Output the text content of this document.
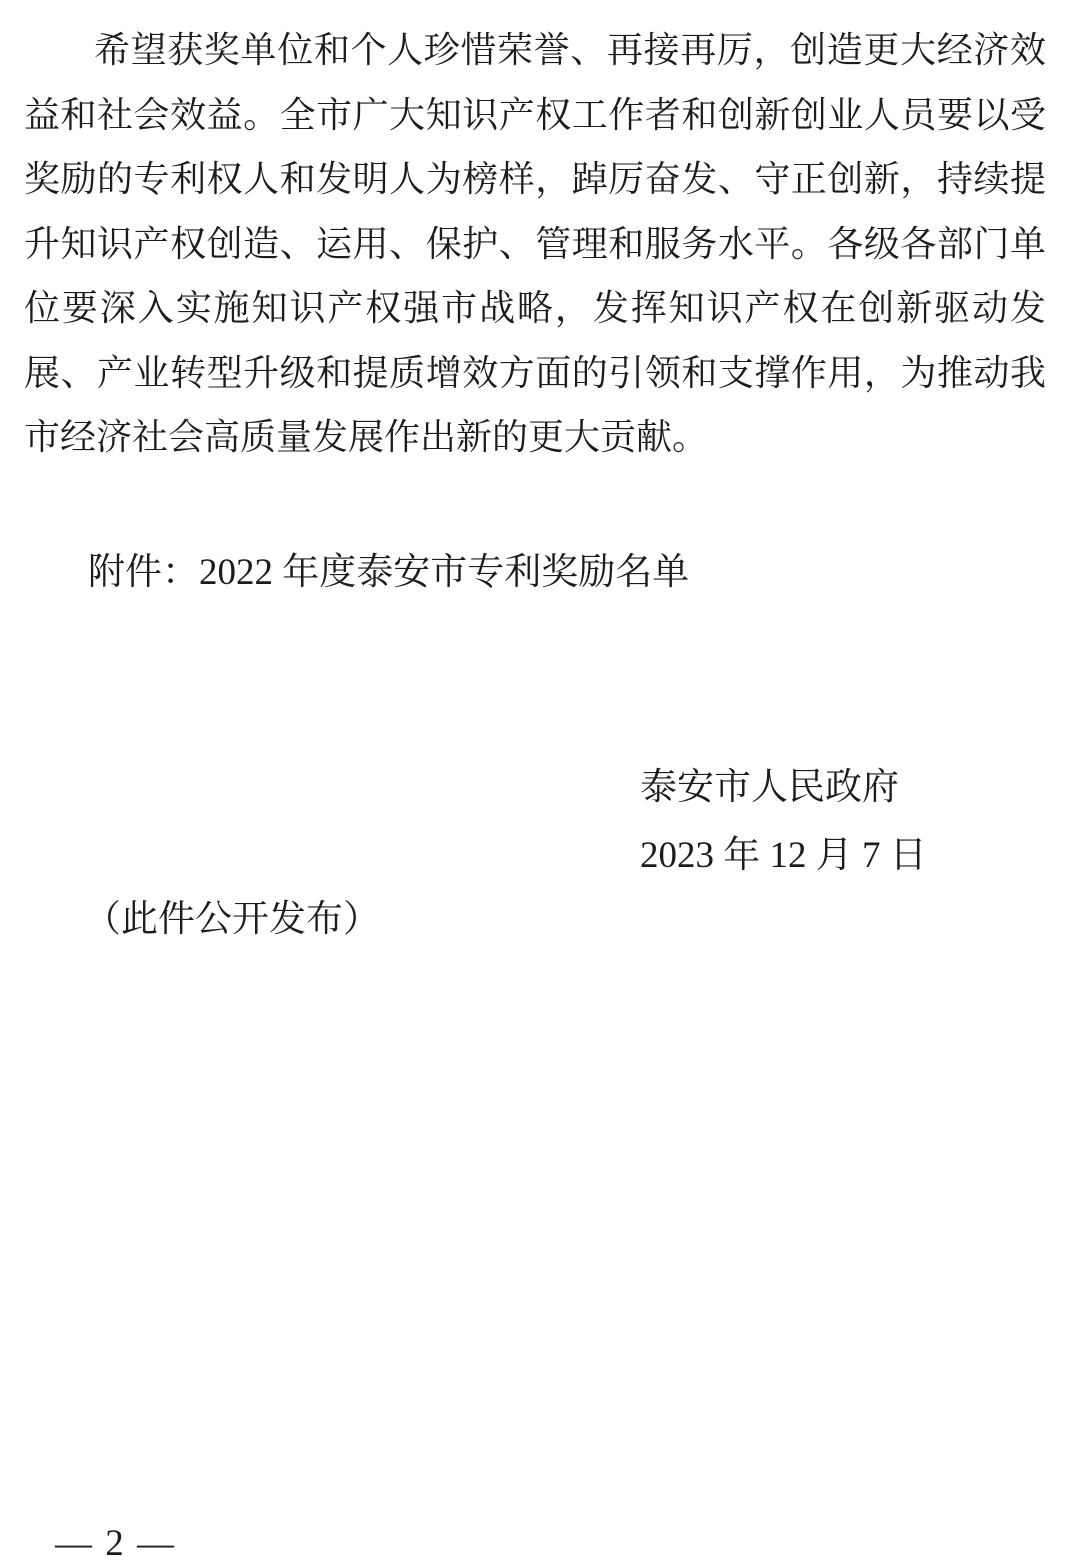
希望获奖单位和个人珍惜荣誉、再接再厉，创造更大经济效
益和社会效益。全市广大知识产权工作者和创新创业人员要以受
奖励的专利权人和发明人为榜样，踔厉奋发、守正创新，持续提
升知识产权创造、运用、保护、管理和服务水平。各级各部门单
位要深入实施知识产权强市战略，发挥知识产权在创新驱动发
展、产业转型升级和提质增效方面的引领和支撑作用，为推动我
市经济社会高质量发展作出新的更大贡献。
附件：2022 年度泰安市专利奖励名单
泰安市人民政府
2023 年 12 月 7 日
（此件公开发布）
— 2 —
